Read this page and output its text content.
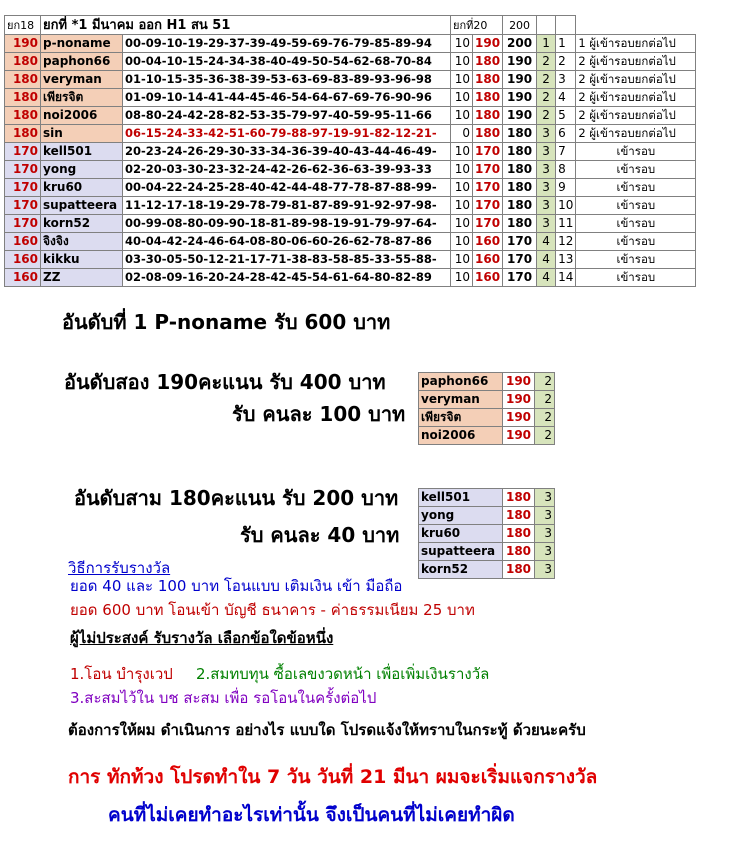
ยก18	ยกที่ *1 มีนาคม ออก H1 สน 51		ยกที่20		200			
190	p-noname	00-09-10-19-29-37-39-49-59-69-76-79-85-89-94	10	190	200	1	1	1 ผู้เข้ารอบยกต่อไป
180	paphon66	00-04-10-15-24-34-38-40-49-50-54-62-68-70-84	10	180	190	2	2	2 ผู้เข้ารอบยกต่อไป
180	veryman	01-10-15-35-36-38-39-53-63-69-83-89-93-96-98	10	180	190	2	3	2 ผู้เข้ารอบยกต่อไป
180	เพียรจิต	01-09-10-14-41-44-45-46-54-64-67-69-76-90-96	10	180	190	2	4	2 ผู้เข้ารอบยกต่อไป
180	noi2006	08-80-24-42-28-82-53-35-79-97-40-59-95-11-66	10	180	190	2	5	2 ผู้เข้ารอบยกต่อไป
180	sin	06-15-24-33-42-51-60-79-88-97-19-91-82-12-21-	0	180	180	3	6	2 ผู้เข้ารอบยกต่อไป
170	kell501	20-23-24-26-29-30-33-34-36-39-40-43-44-46-49-	10	170	180	3	7	เข้ารอบ
170	yong	02-20-03-30-23-32-24-42-26-62-36-63-39-93-33	10	170	180	3	8	เข้ารอบ
170	kru60	00-04-22-24-25-28-40-42-44-48-77-78-87-88-99-	10	170	180	3	9	เข้ารอบ
170	supatteera	11-12-17-18-19-29-78-79-81-87-89-91-92-97-98-	10	170	180	3	10	เข้ารอบ
170	korn52	00-99-08-80-09-90-18-81-89-98-19-91-79-97-64-	10	170	180	3	11	เข้ารอบ
160	จิงจิง	40-04-42-24-46-64-08-80-06-60-26-62-78-87-86	10	160	170	4	12	เข้ารอบ
160	kikku	03-30-05-50-12-21-17-71-38-83-58-85-33-55-88-	10	160	170	4	13	เข้ารอบ
160	ZZ	02-08-09-16-20-24-28-42-45-54-61-64-80-82-89	10	160	170	4	14	เข้ารอบ
อันดับที่ 1 P-noname รับ 600 บาท
อันดับสอง 190คะแนน รับ 400 บาท
รับ คนละ 100 บาท
อันดับสาม 180คะแนน รับ 200 บาท
รับ คนละ 40 บาท
paphon66	190	2
veryman	190	2
เพียรจิต	190	2
noi2006	190	2
kell501	180	3
yong	180	3
kru60	180	3
supatteera	180	3
korn52	180	3
วิธีการรับรางวัล
ยอด 40 และ 100 บาท โอนแบบ เติมเงิน เข้า มือถือ
ยอด 600 บาท โอนเข้า บัญชี ธนาคาร - ค่าธรรมเนียม 25 บาท
ผู้ไม่ประสงค์ รับรางวัล เลือกข้อใดข้อหนึ่ง
1.โอน บำรุงเวป 2.สมทบทุน ซื้อเลขงวดหน้า เพื่อเพิ่มเงินรางวัล
3.สะสมไว้ใน บช สะสม เพื่อ รอโอนในครั้งต่อไป
ต้องการให้ผม ดำเนินการ อย่างไร แบบใด โปรดแจ้งให้ทราบในกระทู้ ด้วยนะครับ
การ ทักท้วง โปรดทำใน 7 วัน วันที่ 21 มีนา ผมจะเริ่มแจกรางวัล
คนที่ไม่เคยทำอะไรเท่านั้น จึงเป็นคนที่ไม่เคยทำผิด
